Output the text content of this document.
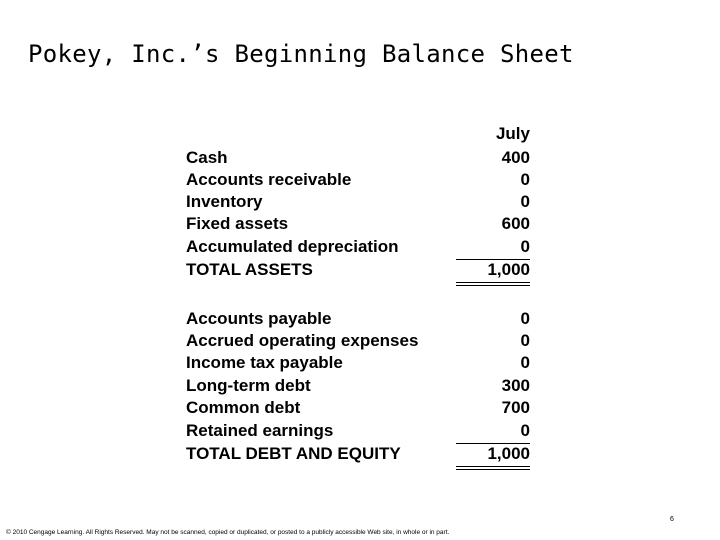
Pokey, Inc.’s Beginning Balance Sheet
July
Cash	400
Accounts receivable	0
Inventory	0
Fixed assets	600
Accumulated depreciation	0
TOTAL ASSETS	1,000
Accounts payable	0
Accrued operating expenses	0
Income tax payable	0
Long-term debt	300
Common debt	700
Retained earnings	0
TOTAL DEBT AND EQUITY	1,000
6
© 2010 Cengage Learning. All Rights Reserved. May not be scanned, copied or duplicated, or posted to a publicly accessible Web site, in whole or in part.
